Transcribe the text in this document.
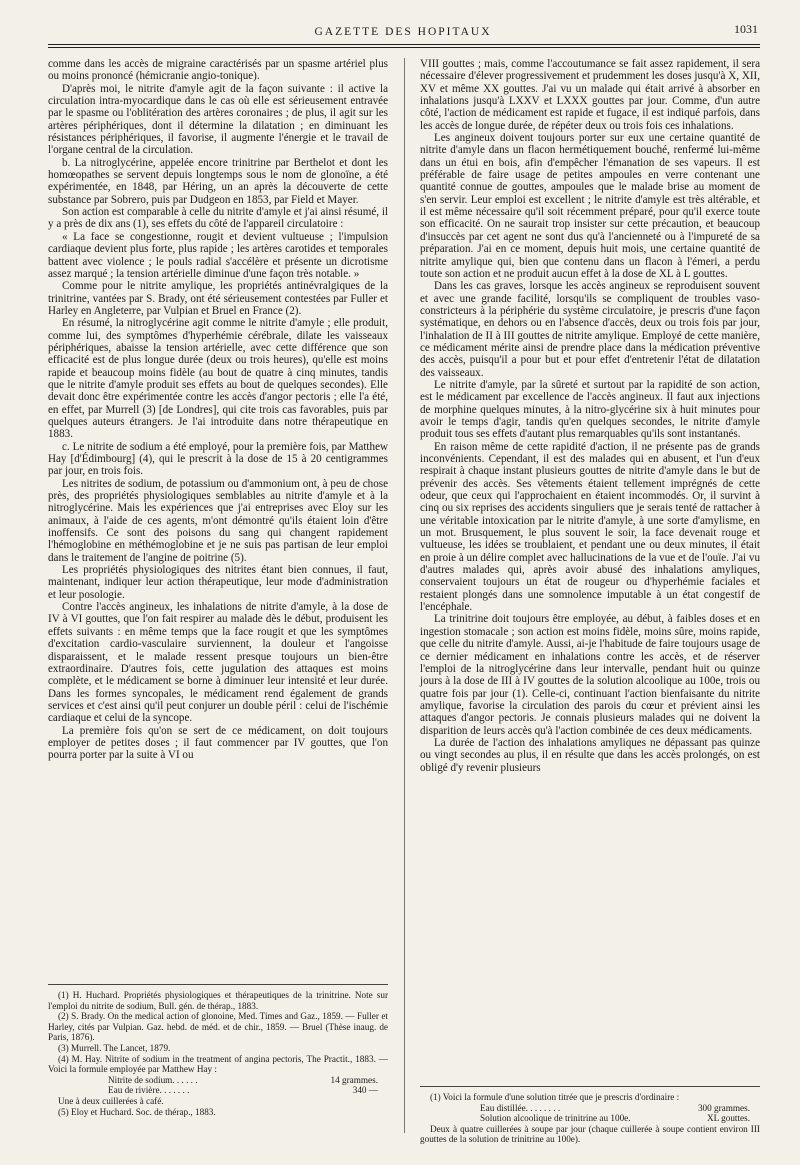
GAZETTE DES HOPITAUX	1031

comme dans les accès de migraine caractérisés par un spasme artériel plus ou moins prononcé (hémicranie angio-tonique).

D'après moi, le nitrite d'amyle agit de la façon suivante : il active la circulation intra-myocardique dans le cas où elle est sérieusement entravée par le spasme ou l'oblitération des artères coronaires ; de plus, il agit sur les artères périphériques, dont il détermine la dilatation ; en diminuant les résistances périphériques, il favorise, il augmente l'énergie et le travail de l'organe central de la circulation.

b. La nitroglycérine, appelée encore trinitrine par Berthelot et dont les homœopathes se servent depuis longtemps sous le nom de glonoïne, a été expérimentée, en 1848, par Héring, un an après la découverte de cette substance par Sobrero, puis par Dudgeon en 1853, par Field et Mayer.

Son action est comparable à celle du nitrite d'amyle et j'ai ainsi résumé, il y a près de dix ans (1), ses effets du côté de l'appareil circulatoire :

« La face se congestionne, rougit et devient vultueuse ; l'impulsion cardiaque devient plus forte, plus rapide ; les artères carotides et temporales battent avec violence ; le pouls radial s'accélère et présente un dicrotisme assez marqué ; la tension artérielle diminue d'une façon très notable. »

Comme pour le nitrite amylique, les propriétés antinévralgiques de la trinitrine, vantées par S. Brady, ont été sérieusement contestées par Fuller et Harley en Angleterre, par Vulpian et Bruel en France (2).

En résumé, la nitroglycérine agit comme le nitrite d'amyle ; elle produit, comme lui, des symptômes d'hyperhémie cérébrale, dilate les vaisseaux périphériques, abaisse la tension artérielle, avec cette différence que son efficacité est de plus longue durée (deux ou trois heures), qu'elle est moins rapide et beaucoup moins fidèle (au bout de quatre à cinq minutes, tandis que le nitrite d'amyle produit ses effets au bout de quelques secondes). Elle devait donc être expérimentée contre les accès d'angor pectoris ; elle l'a été, en effet, par Murrell (3) [de Londres], qui cite trois cas favorables, puis par quelques auteurs étrangers. Je l'ai introduite dans notre thérapeutique en 1883.

c. Le nitrite de sodium a été employé, pour la première fois, par Matthew Hay [d'Édimbourg] (4), qui le prescrit à la dose de 15 à 20 centigrammes par jour, en trois fois.

Les nitrites de sodium, de potassium ou d'ammonium ont, à peu de chose près, des propriétés physiologiques semblables au nitrite d'amyle et à la nitroglycérine. Mais les expériences que j'ai entreprises avec Eloy sur les animaux, à l'aide de ces agents, m'ont démontré qu'ils étaient loin d'être inoffensifs. Ce sont des poisons du sang qui changent rapidement l'hémoglobine en méthémoglobine et je ne suis pas partisan de leur emploi dans le traitement de l'angine de poitrine (5).

Les propriétés physiologiques des nitrites étant bien connues, il faut, maintenant, indiquer leur action thérapeutique, leur mode d'administration et leur posologie.

Contre l'accès angineux, les inhalations de nitrite d'amyle, à la dose de IV à VI gouttes, que l'on fait respirer au malade dès le début, produisent les effets suivants : en même temps que la face rougit et que les symptômes d'excitation cardio-vasculaire surviennent, la douleur et l'angoisse disparaissent, et le malade ressent presque toujours un bien-être extraordinaire. D'autres fois, cette jugulation des attaques est moins complète, et le médicament se borne à diminuer leur intensité et leur durée. Dans les formes syncopales, le médicament rend également de grands services et c'est ainsi qu'il peut conjurer un double péril : celui de l'ischémie cardiaque et celui de la syncope.

La première fois qu'on se sert de ce médicament, on doit toujours employer de petites doses ; il faut commencer par IV gouttes, que l'on pourra porter par la suite à VI ou

(1) H. Huchard. Propriétés physiologiques et thérapeutiques de la trinitrine. Note sur l'emploi du nitrite de sodium, Bull. gén. de thérap., 1883.

(2) S. Brady. On the medical action of glonoine, Med. Times and Gaz., 1859. — Fuller et Harley, cités par Vulpian. Gaz. hebd. de méd. et de chir., 1859. — Bruel (Thèse inaug. de Paris, 1876).

(3) Murrell. The Lancet, 1879.

(4) M. Hay. Nitrite of sodium in the treatment of angina pectoris, The Practit., 1883. — Voici la formule employée par Matthew Hay :

Nitrite de sodium. . . . . .	14 grammes.
Eau de rivière. . . . . . .	340 —

Une à deux cuillerées à café.

(5) Eloy et Huchard. Soc. de thérap., 1883.

VIII gouttes ; mais, comme l'accoutumance se fait assez rapidement, il sera nécessaire d'élever progressivement et prudemment les doses jusqu'à X, XII, XV et même XX gouttes. J'ai vu un malade qui était arrivé à absorber en inhalations jusqu'à LXXV et LXXX gouttes par jour. Comme, d'un autre côté, l'action de médicament est rapide et fugace, il est indiqué parfois, dans les accès de longue durée, de répéter deux ou trois fois ces inhalations.

Les angineux doivent toujours porter sur eux une certaine quantité de nitrite d'amyle dans un flacon hermétiquement bouché, renfermé lui-même dans un étui en bois, afin d'empêcher l'émanation de ses vapeurs. Il est préférable de faire usage de petites ampoules en verre contenant une quantité connue de gouttes, ampoules que le malade brise au moment de s'en servir. Leur emploi est excellent ; le nitrite d'amyle est très altérable, et il est même nécessaire qu'il soit récemment préparé, pour qu'il exerce toute son efficacité. On ne saurait trop insister sur cette précaution, et beaucoup d'insuccès par cet agent ne sont dus qu'à l'ancienneté ou à l'impureté de sa préparation. J'ai en ce moment, depuis huit mois, une certaine quantité de nitrite amylique qui, bien que contenu dans un flacon à l'émeri, a perdu toute son action et ne produit aucun effet à la dose de XL à L gouttes.

Dans les cas graves, lorsque les accès angineux se reproduisent souvent et avec une grande facilité, lorsqu'ils se compliquent de troubles vaso-constricteurs à la périphérie du système circulatoire, je prescris d'une façon systématique, en dehors ou en l'absence d'accès, deux ou trois fois par jour, l'inhalation de II à III gouttes de nitrite amylique. Employé de cette manière, ce médicament mérite ainsi de prendre place dans la médication préventive des accès, puisqu'il a pour but et pour effet d'entretenir l'état de dilatation des vaisseaux.

Le nitrite d'amyle, par la sûreté et surtout par la rapidité de son action, est le médicament par excellence de l'accès angineux. Il faut aux injections de morphine quelques minutes, à la nitro-glycérine six à huit minutes pour avoir le temps d'agir, tandis qu'en quelques secondes, le nitrite d'amyle produit tous ses effets d'autant plus remarquables qu'ils sont instantanés.

En raison même de cette rapidité d'action, il ne présente pas de grands inconvénients. Cependant, il est des malades qui en abusent, et l'un d'eux respirait à chaque instant plusieurs gouttes de nitrite d'amyle dans le but de prévenir des accès. Ses vêtements étaient tellement imprégnés de cette odeur, que ceux qui l'approchaient en étaient incommodés. Or, il survint à cinq ou six reprises des accidents singuliers que je serais tenté de rattacher à une véritable intoxication par le nitrite d'amyle, à une sorte d'amylisme, en un mot. Brusquement, le plus souvent le soir, la face devenait rouge et vultueuse, les idées se troublaient, et pendant une ou deux minutes, il était en proie à un délire complet avec hallucinations de la vue et de l'ouïe. J'ai vu d'autres malades qui, après avoir abusé des inhalations amyliques, conservaient toujours un état de rougeur ou d'hyperhémie faciales et restaient plongés dans une somnolence imputable à un état congestif de l'encéphale.

La trinitrine doit toujours être employée, au début, à faibles doses et en ingestion stomacale ; son action est moins fidèle, moins sûre, moins rapide, que celle du nitrite d'amyle. Aussi, ai-je l'habitude de faire toujours usage de ce dernier médicament en inhalations contre les accès, et de réserver l'emploi de la nitroglycérine dans leur intervalle, pendant huit ou quinze jours à la dose de III à IV gouttes de la solution alcoolique au 100e, trois ou quatre fois par jour (1). Celle-ci, continuant l'action bienfaisante du nitrite amylique, favorise la circulation des parois du cœur et prévient ainsi les attaques d'angor pectoris. Je connais plusieurs malades qui ne doivent la disparition de leurs accès qu'à l'action combinée de ces deux médicaments.

La durée de l'action des inhalations amyliques ne dépassant pas quinze ou vingt secondes au plus, il en résulte que dans les accès prolongés, on est obligé d'y revenir plusieurs

(1) Voici la formule d'une solution titrée que je prescris d'ordinaire :

Eau distillée. . . . . . . .	300 grammes.
Solution alcoolique de trinitrine au 100e.	XL gouttes.

Deux à quatre cuillerées à soupe par jour (chaque cuillerée à soupe contient environ III gouttes de la solution de trinitrine au 100e).
